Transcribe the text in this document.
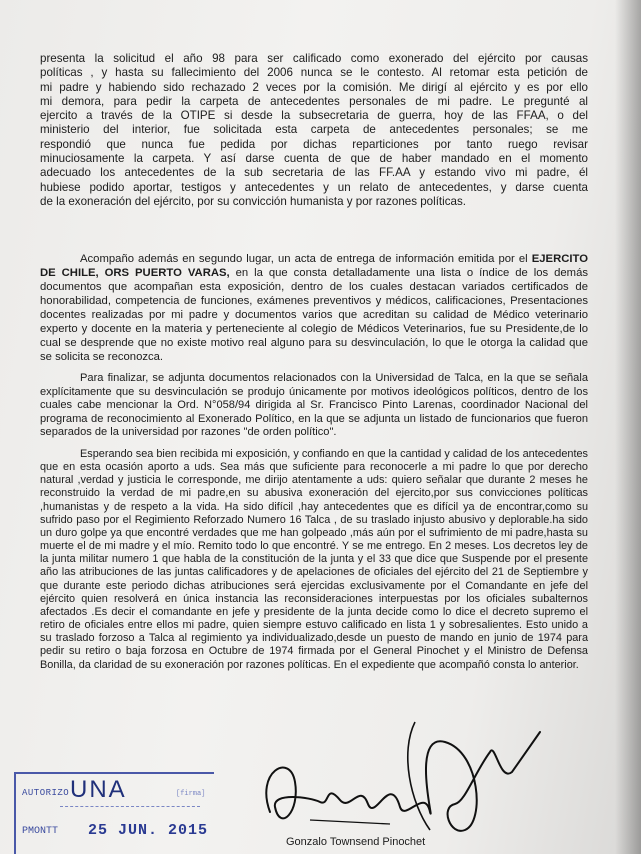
presenta la solicitud el año 98 para ser calificado como exonerado del ejército por causas
políticas , y hasta su fallecimiento del 2006 nunca se le contesto. Al retomar esta petición de
mi padre y habiendo sido rechazado 2 veces por la comisión. Me dirigí al ejército y es por ello
mi demora, para pedir la carpeta de antecedentes personales de mi padre. Le pregunté al
ejercito a través de la OTIPE si desde la subsecretaria de guerra, hoy de las FFAA, o del
ministerio del interior, fue solicitada esta carpeta de antecedentes personales; se me
respondió que nunca fue pedida por dichas reparticiones por tanto ruego revisar
minuciosamente la carpeta. Y así darse cuenta de que de haber mandado en el momento
adecuado los antecedentes de la sub secretaria de las FF.AA y estando vivo mi padre, él
hubiese podido aportar, testigos y antecedentes y un relato de antecedentes, y darse cuenta
de la exoneración del ejército, por su convicción humanista y por razones políticas.
Acompaño además en segundo lugar, un acta de entrega de información emitida por el EJERCITO DE CHILE, ORS PUERTO VARAS, en la que consta detalladamente una lista o índice de los demás documentos que acompañan esta exposición, dentro de los cuales destacan variados certificados de honorabilidad, competencia de funciones, exámenes preventivos y médicos, calificaciones, Presentaciones docentes realizadas por mi padre y documentos varios que acreditan su calidad de Médico veterinario experto y docente en la materia y perteneciente al colegio de Médicos Veterinarios, fue su Presidente,de lo cual se desprende que no existe motivo real alguno para su desvinculación, lo que le otorga la calidad que se solicita se reconozca.
Para finalizar, se adjunta documentos relacionados con la Universidad de Talca, en la que se señala explícitamente que su desvinculación se produjo únicamente por motivos ideológicos políticos, dentro de los cuales cabe mencionar la Ord. N°058/94 dirigida al Sr. Francisco Pinto Larenas, coordinador Nacional del programa de reconocimiento al Exonerado Político, en la que se adjunta un listado de funcionarios que fueron separados de la universidad por razones "de orden político".
Esperando sea bien recibida mi exposición, y confiando en que la cantidad y calidad de los antecedentes que en esta ocasión aporto a uds. Sea más que suficiente para reconocerle a mi padre lo que por derecho natural ,verdad y justicia le corresponde, me dirijo atentamente a uds: quiero señalar que durante 2 meses he reconstruido la verdad de mi padre,en su abusiva exoneración del ejercito,por sus convicciones políticas ,humanistas y de respeto a la vida. Ha sido difícil ,hay antecedentes que es difícil ya de encontrar,como su sufrido paso por el Regimiento Reforzado Numero 16 Talca , de su traslado injusto abusivo y deplorable.ha sido un duro golpe ya que encontré verdades que me han golpeado ,más aún por el sufrimiento de mi padre,hasta su muerte el de mi madre y el mío. Remito todo lo que encontré. Y se me entrego. En 2 meses. Los decretos ley de la junta militar numero 1 que habla de la constitución de la junta y el 33 que dice que Suspende por el presente año las atribuciones de las juntas calificadores y de apelaciones de oficiales del ejército del 21 de Septiembre y que durante este periodo dichas atribuciones será ejercidas exclusivamente por el Comandante en jefe del ejército quien resolverá en única instancia las reconsideraciones interpuestas por los oficiales subalternos afectados .Es decir el comandante en jefe y presidente de la junta decide como lo dice el decreto supremo el retiro de oficiales entre ellos mi padre, quien siempre estuvo calificado en lista 1 y sobresalientes. Esto unido a su traslado forzoso a Talca al regimiento ya individualizado,desde un puesto de mando en junio de 1974 para pedir su retiro o baja forzosa en Octubre de 1974 firmada por el General Pinochet y el Ministro de Defensa Bonilla, da claridad de su exoneración por razones políticas. En el expediente que acompañó consta lo anterior.
AUTORIZO UNA	[firma]
PMONTT 25 JUN. 2015
Gonzalo Townsend Pinochet
